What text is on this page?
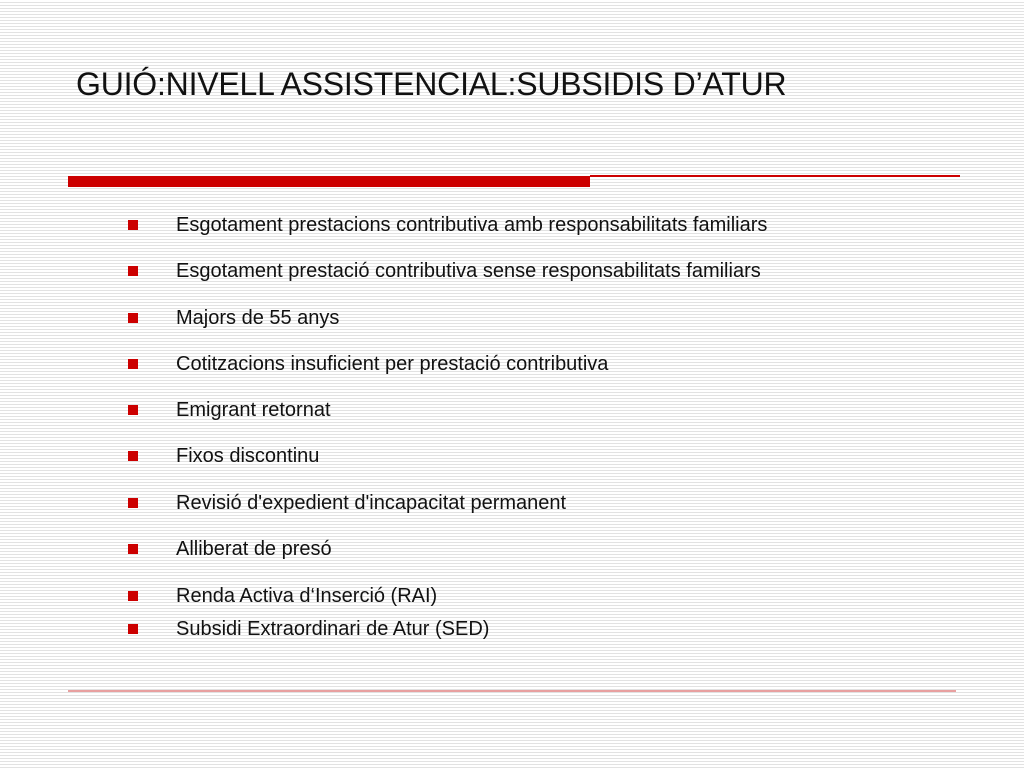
GUIÓ:NIVELL ASSISTENCIAL:SUBSIDIS D’ATUR
Esgotament prestacions contributiva amb responsabilitats familiars
Esgotament prestació contributiva sense responsabilitats familiars
Majors de 55 anys
Cotitzacions insuficient per prestació contributiva
Emigrant retornat
Fixos discontinu
Revisió d'expedient d'incapacitat permanent
Alliberat de presó
Renda Activa d‘Inserció (RAI)
Subsidi Extraordinari de Atur (SED)
